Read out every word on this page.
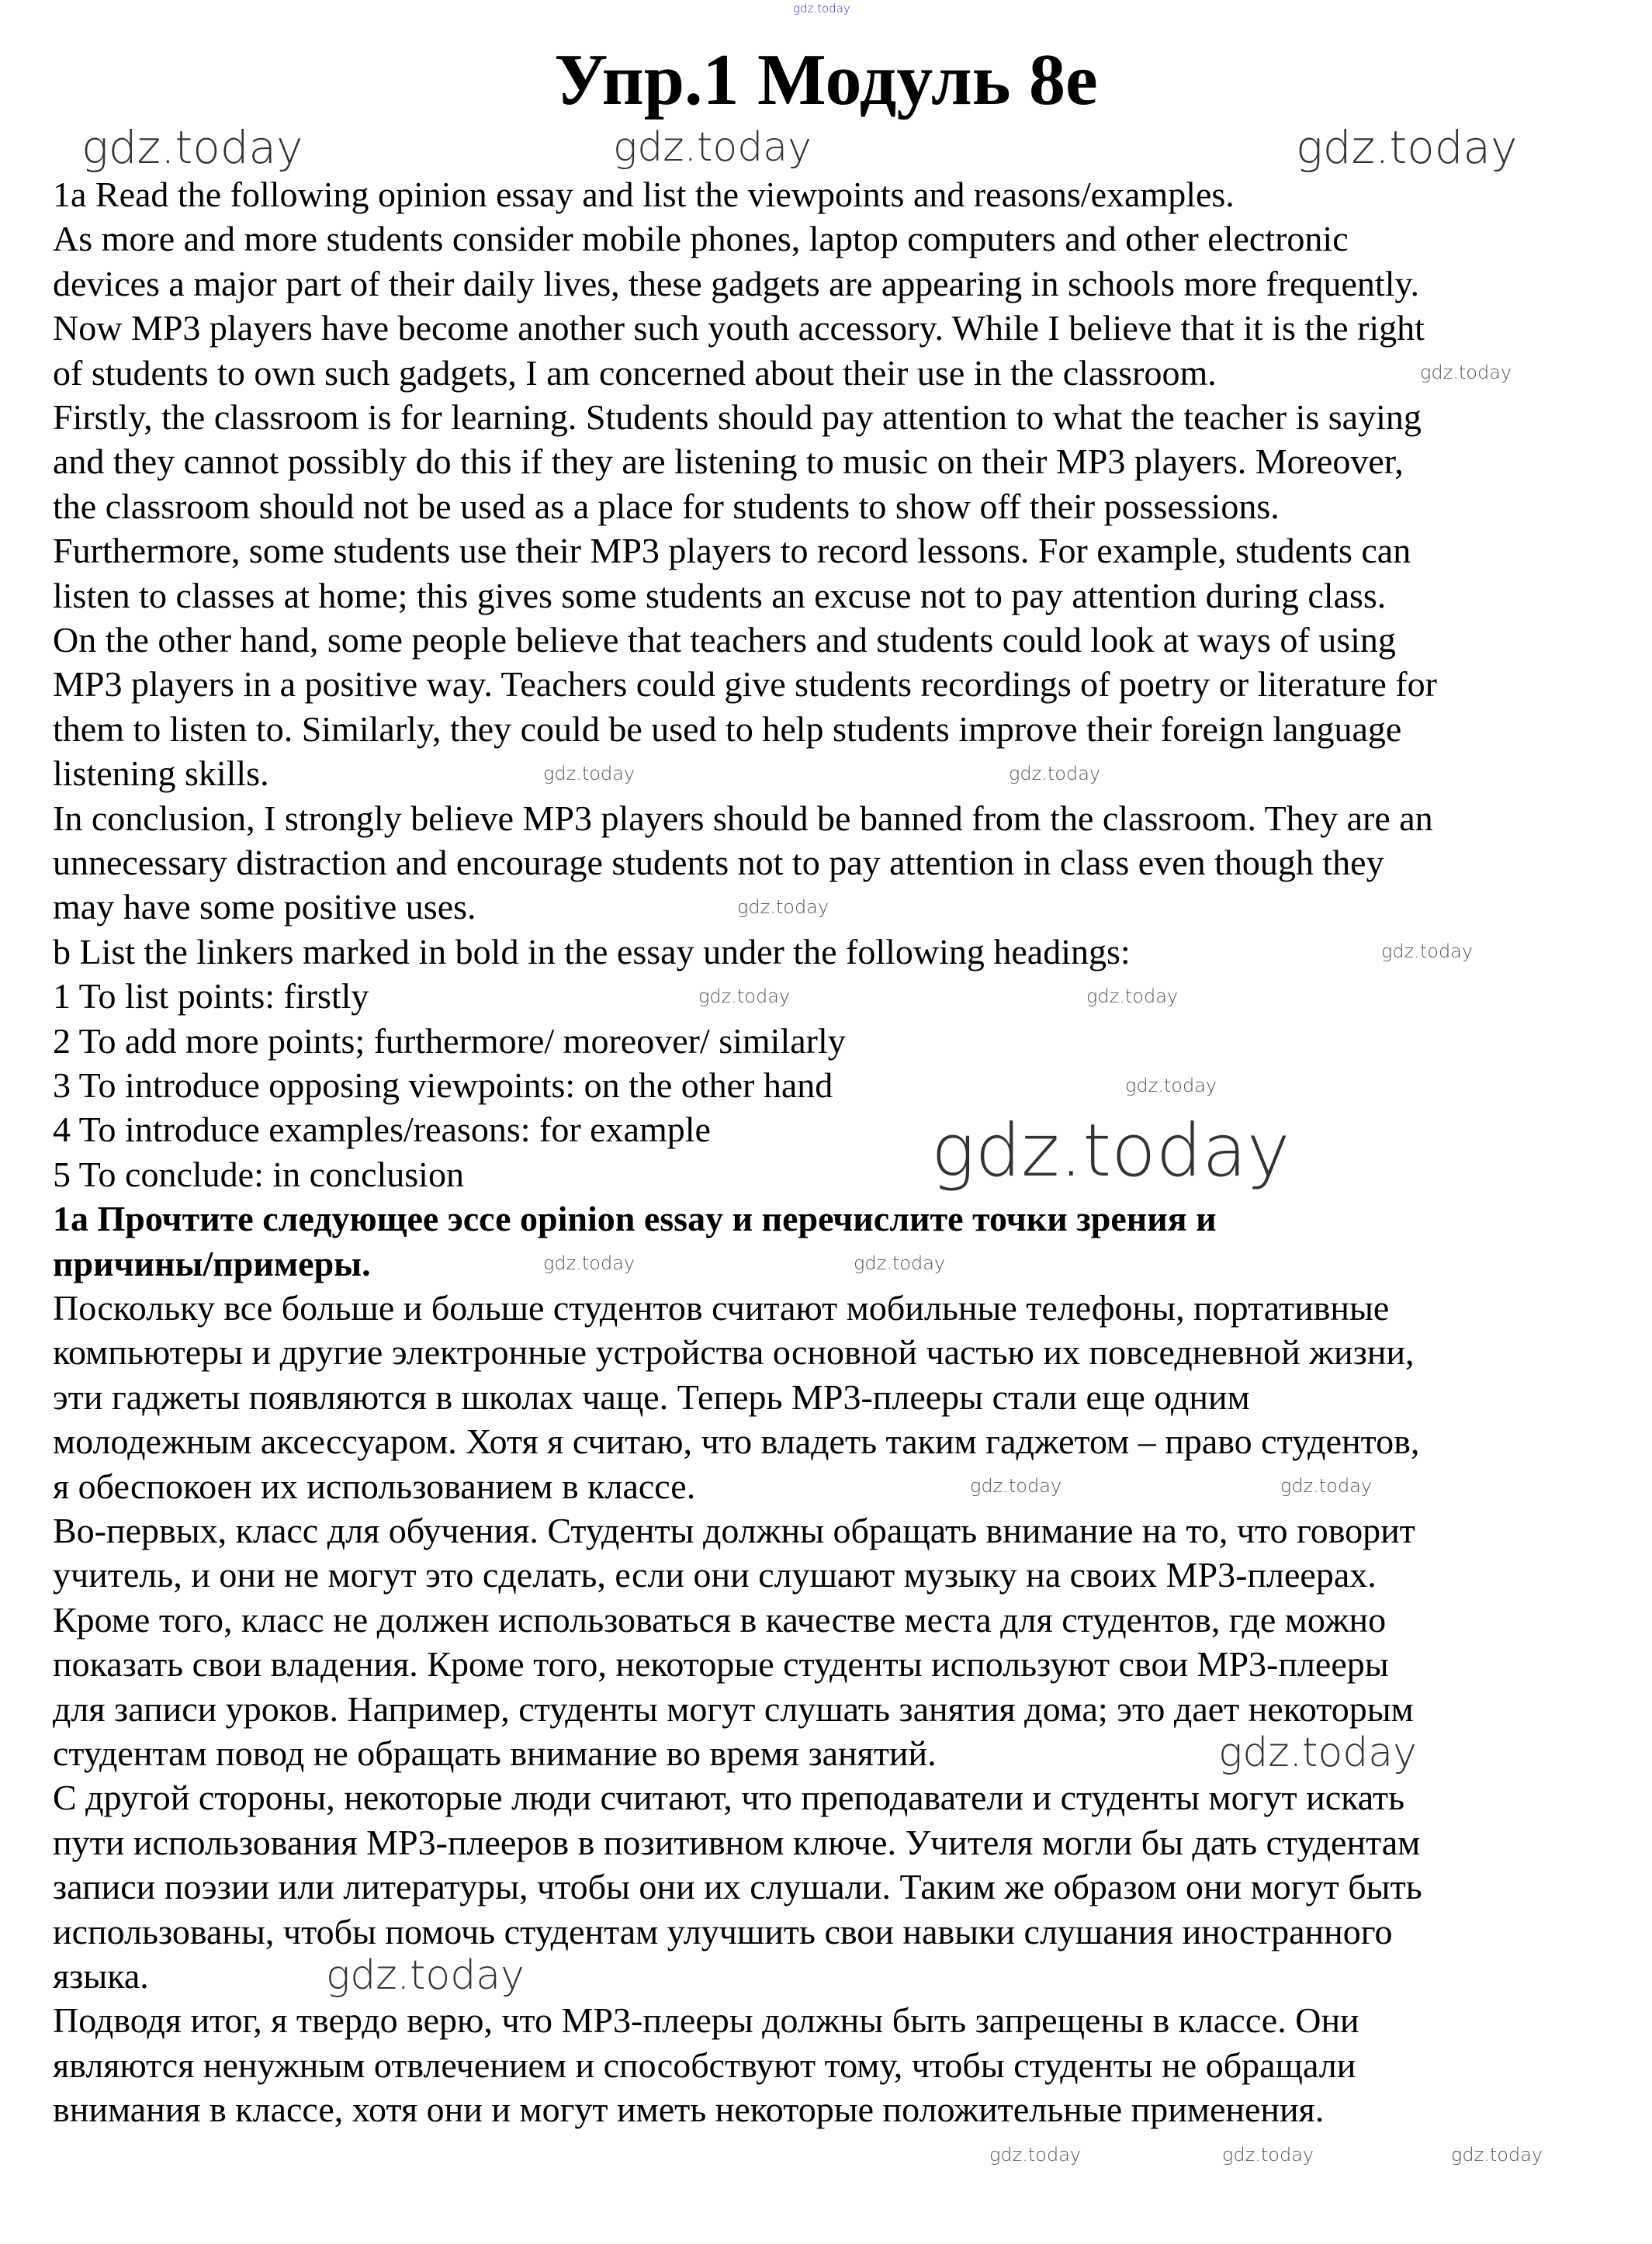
Упр.1 Модуль 8е
1a Read the following opinion essay and list the viewpoints and reasons/examples.
As more and more students consider mobile phones, laptop computers and other electronic
devices a major part of their daily lives, these gadgets are appearing in schools more frequently.
Now MP3 players have become another such youth accessory. While I believe that it is the right
of students to own such gadgets, I am concerned about their use in the classroom.
Firstly, the classroom is for learning. Students should pay attention to what the teacher is saying
and they cannot possibly do this if they are listening to music on their MP3 players. Moreover,
the classroom should not be used as a place for students to show off their possessions.
Furthermore, some students use their MP3 players to record lessons. For example, students can
listen to classes at home; this gives some students an excuse not to pay attention during class.
On the other hand, some people believe that teachers and students could look at ways of using
MP3 players in a positive way. Teachers could give students recordings of poetry or literature for
them to listen to. Similarly, they could be used to help students improve their foreign language
listening skills.
In conclusion, I strongly believe MP3 players should be banned from the classroom. They are an
unnecessary distraction and encourage students not to pay attention in class even though they
may have some positive uses.
b List the linkers marked in bold in the essay under the following headings:
1 To list points: firstly
2 To add more points; furthermore/ moreover/ similarly
3 To introduce opposing viewpoints: on the other hand
4 To introduce examples/reasons: for example
5 To conclude: in conclusion
1a Прочтите следующее эссе opinion essay и перечислите точки зрения и
причины/примеры.
Поскольку все больше и больше студентов считают мобильные телефоны, портативные
компьютеры и другие электронные устройства основной частью их повседневной жизни,
эти гаджеты появляются в школах чаще. Теперь MP3-плееры стали еще одним
молодежным аксессуаром. Хотя я считаю, что владеть таким гаджетом – право студентов,
я обеспокоен их использованием в классе.
Во-первых, класс для обучения. Студенты должны обращать внимание на то, что говорит
учитель, и они не могут это сделать, если они слушают музыку на своих MP3-плеерах.
Кроме того, класс не должен использоваться в качестве места для студентов, где можно
показать свои владения. Кроме того, некоторые студенты используют свои MP3-плееры
для записи уроков. Например, студенты могут слушать занятия дома; это дает некоторым
студентам повод не обращать внимание во время занятий.
С другой стороны, некоторые люди считают, что преподаватели и студенты могут искать
пути использования MP3-плееров в позитивном ключе. Учителя могли бы дать студентам
записи поэзии или литературы, чтобы они их слушали. Таким же образом они могут быть
использованы, чтобы помочь студентам улучшить свои навыки слушания иностранного
языка.
Подводя итог, я твердо верю, что MP3-плееры должны быть запрещены в классе. Они
являются ненужным отвлечением и способствуют тому, чтобы студенты не обращали
внимания в классе, хотя они и могут иметь некоторые положительные применения.
gdz.today
gdz.today	gdz.today	gdz.today
gdz.today
gdz.today	gdz.today
gdz.today
gdz.today
gdz.today	gdz.today
gdz.today
gdz.today
gdz.today	gdz.today
gdz.today	gdz.today
gdz.today
gdz.today
gdz.today	gdz.today	gdz.today
